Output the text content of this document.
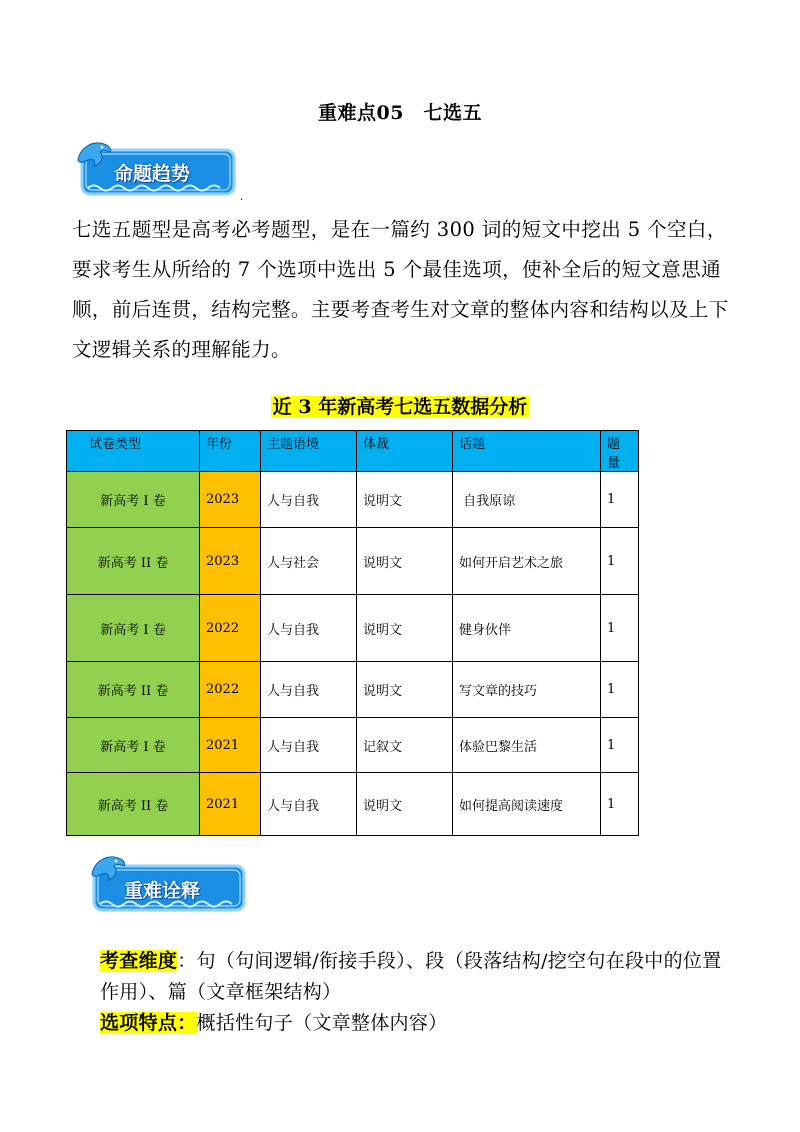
重难点05　七选五
命题趋势
.
七选五题型是高考必考题型，是在一篇约 300 词的短文中挖出 5 个空白，要求考生从所给的 7 个选项中选出 5 个最佳选项，使补全后的短文意思通顺，前后连贯，结构完整。主要考查考生对文章的整体内容和结构以及上下文逻辑关系的理解能力。
近 3 年新高考七选五数据分析
试卷类型	年份	主题语境	体裁	话题	题量
新高考 I 卷	2023	人与自我	说明文	自我原谅	1
新高考 II 卷	2023	人与社会	说明文	如何开启艺术之旅	1
新高考 I 卷	2022	人与自我	说明文	健身伙伴	1
新高考 II 卷	2022	人与自我	说明文	写文章的技巧	1
新高考 I 卷	2021	人与自我	记叙文	体验巴黎生活	1
新高考 II 卷	2021	人与自我	说明文	如何提高阅读速度	1
重难诠释

考查维度：句（句间逻辑/衔接手段）、段（段落结构/挖空句在段中的位置作用）、篇（文章框架结构）

选项特点：概括性句子（文章整体内容）
